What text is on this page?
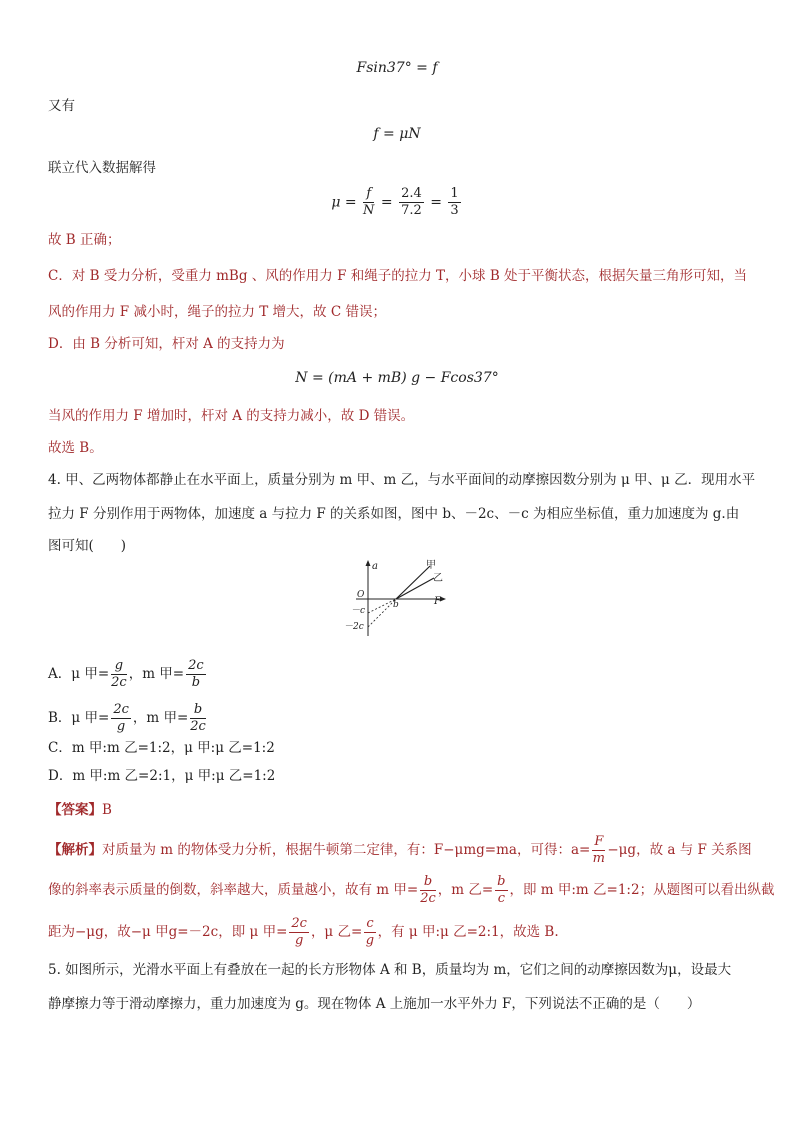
Fsin37° = f
又有
f = μN
联立代入数据解得
$\mu = \frac{f}{N} = \frac{2.4}{7.2} = \frac{1}{3}$
故 B 正确；
C．对 B 受力分析，受重力 mBg 、风的作用力 F 和绳子的拉力 T，小球 B 处于平衡状态，根据矢量三角形可知，当
风的作用力 F 减小时，绳子的拉力 T 增大，故 C 错误；
D．由 B 分析可知，杆对 A 的支持力为
N = (mA + mB) g − Fcos37°
当风的作用力 F 增加时，杆对 A 的支持力减小，故 D 错误。
故选 B。
4. 甲、乙两物体都静止在水平面上，质量分别为 m 甲、m 乙，与水平面间的动摩擦因数分别为 μ 甲、μ 乙．现用水平
拉力 F 分别作用于两物体，加速度 a 与拉力 F 的关系如图，图中 b、－2c、－c 为相应坐标值，重力加速度为 g.由
图可知(　　)
a
F
O
b
－c
－2c
甲
乙
A．μ 甲= $\frac{g}{2c}$ ，m 甲= $\frac{2c}{b}$
B．μ 甲= $\frac{2c}{g}$ ，m 甲= $\frac{b}{2c}$
C．m 甲:m 乙=1:2，μ 甲:μ 乙=1:2
D．m 甲:m 乙=2:1，μ 甲:μ 乙=1:2
【答案】B
【解析】对质量为 m 的物体受力分析，根据牛顿第二定律，有：F−μmg=ma，可得：$a= \frac{F}{m} -\mu g$，故 a 与 F 关系图
像的斜率表示质量的倒数，斜率越大，质量越小，故有 m 甲= $\frac{b}{2c}$ ，m 乙= $\frac{b}{c}$ ，即 m 甲:m 乙=1:2；从题图可以看出纵截
距为−μg，故−μ 甲g=－2c，即 μ 甲= $\frac{2c}{g}$ ，μ 乙= $\frac{c}{g}$ ，有 μ 甲:μ 乙=2:1，故选 B.
5. 如图所示，光滑水平面上有叠放在一起的长方形物体 A 和 B，质量均为 m，它们之间的动摩擦因数为μ，设最大
静摩擦力等于滑动摩擦力，重力加速度为 g。现在物体 A 上施加一水平外力 F，下列说法不正确的是（　　）
